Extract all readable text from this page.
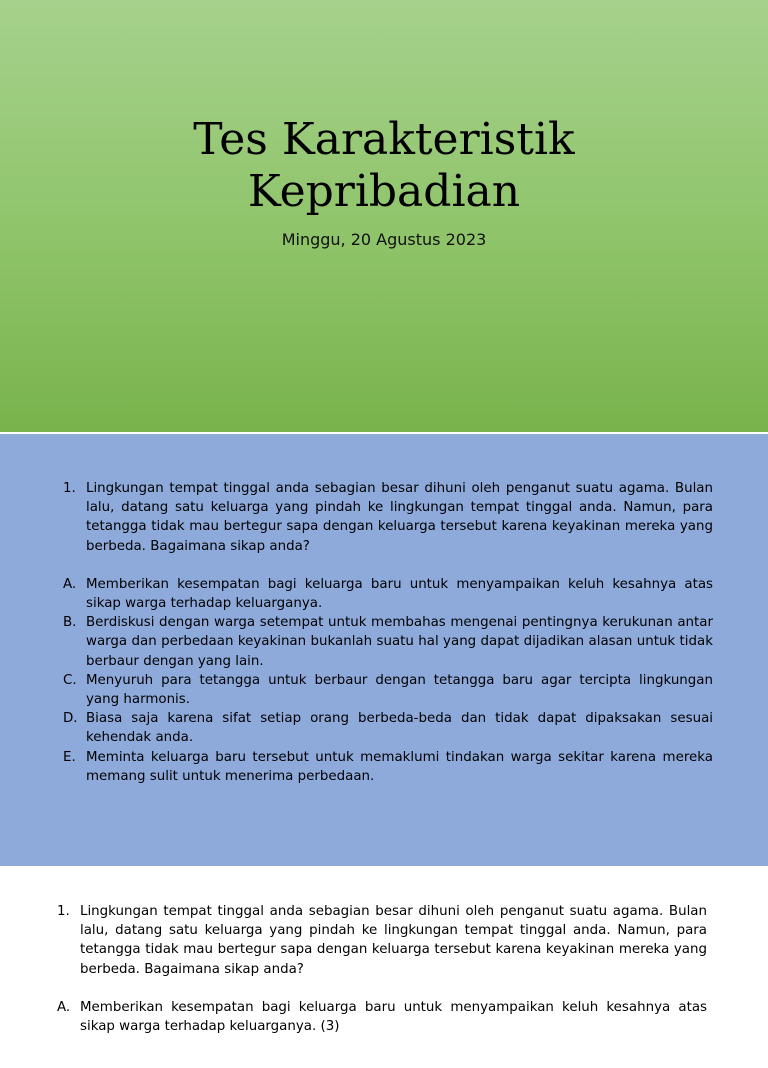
Tes Karakteristik
Kepribadian
Minggu, 20 Agustus 2023
1. Lingkungan tempat tinggal anda sebagian besar dihuni oleh penganut suatu agama. Bulan lalu, datang satu keluarga yang pindah ke lingkungan tempat tinggal anda. Namun, para tetangga tidak mau bertegur sapa dengan keluarga tersebut karena keyakinan mereka yang berbeda. Bagaimana sikap anda?
A. Memberikan kesempatan bagi keluarga baru untuk menyampaikan keluh kesahnya atas sikap warga terhadap keluarganya.
B. Berdiskusi dengan warga setempat untuk membahas mengenai pentingnya kerukunan antar warga dan perbedaan keyakinan bukanlah suatu hal yang dapat dijadikan alasan untuk tidak berbaur dengan yang lain.
C. Menyuruh para tetangga untuk berbaur dengan tetangga baru agar tercipta lingkungan yang harmonis.
D. Biasa saja karena sifat setiap orang berbeda-beda dan tidak dapat dipaksakan sesuai kehendak anda.
E. Meminta keluarga baru tersebut untuk memaklumi tindakan warga sekitar karena mereka memang sulit untuk menerima perbedaan.
1. Lingkungan tempat tinggal anda sebagian besar dihuni oleh penganut suatu agama. Bulan lalu, datang satu keluarga yang pindah ke lingkungan tempat tinggal anda. Namun, para tetangga tidak mau bertegur sapa dengan keluarga tersebut karena keyakinan mereka yang berbeda. Bagaimana sikap anda?
A. Memberikan kesempatan bagi keluarga baru untuk menyampaikan keluh kesahnya atas sikap warga terhadap keluarganya. (3)
